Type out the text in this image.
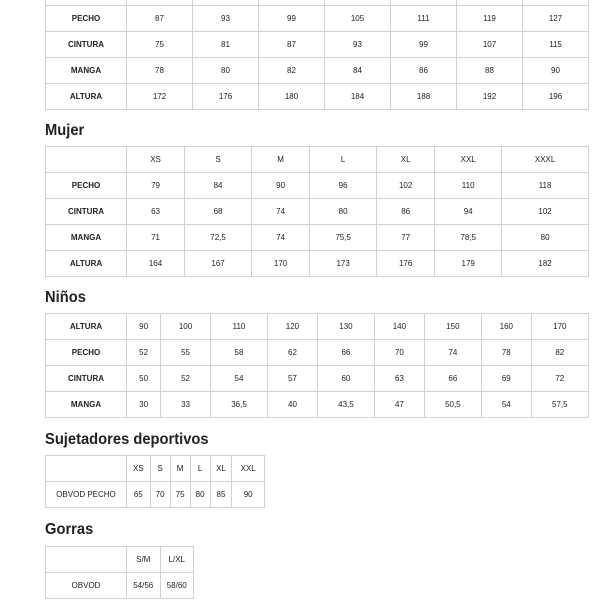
PECHO	87	93	99	105	111	119	127
CINTURA	75	81	87	93	99	107	115
MANGA	78	80	82	84	86	88	90
ALTURA	172	176	180	184	188	192	196
Mujer
	XS	S	M	L	XL	XXL	XXXL
PECHO	79	84	90	96	102	110	118
CINTURA	63	68	74	80	86	94	102
MANGA	71	72,5	74	75,5	77	78,5	80
ALTURA	164	167	170	173	176	179	182
Niños
ALTURA	90	100	110	120	130	140	150	160	170
PECHO	52	55	58	62	66	70	74	78	82
CINTURA	50	52	54	57	60	63	66	69	72
MANGA	30	33	36,5	40	43,5	47	50,5	54	57,5
Sujetadores deportivos
	XS	S	M	L	XL	XXL
OBVOD PECHO	65	70	75	80	85	90
Gorras
	S/M	L/XL
OBVOD	54/56	58/60
